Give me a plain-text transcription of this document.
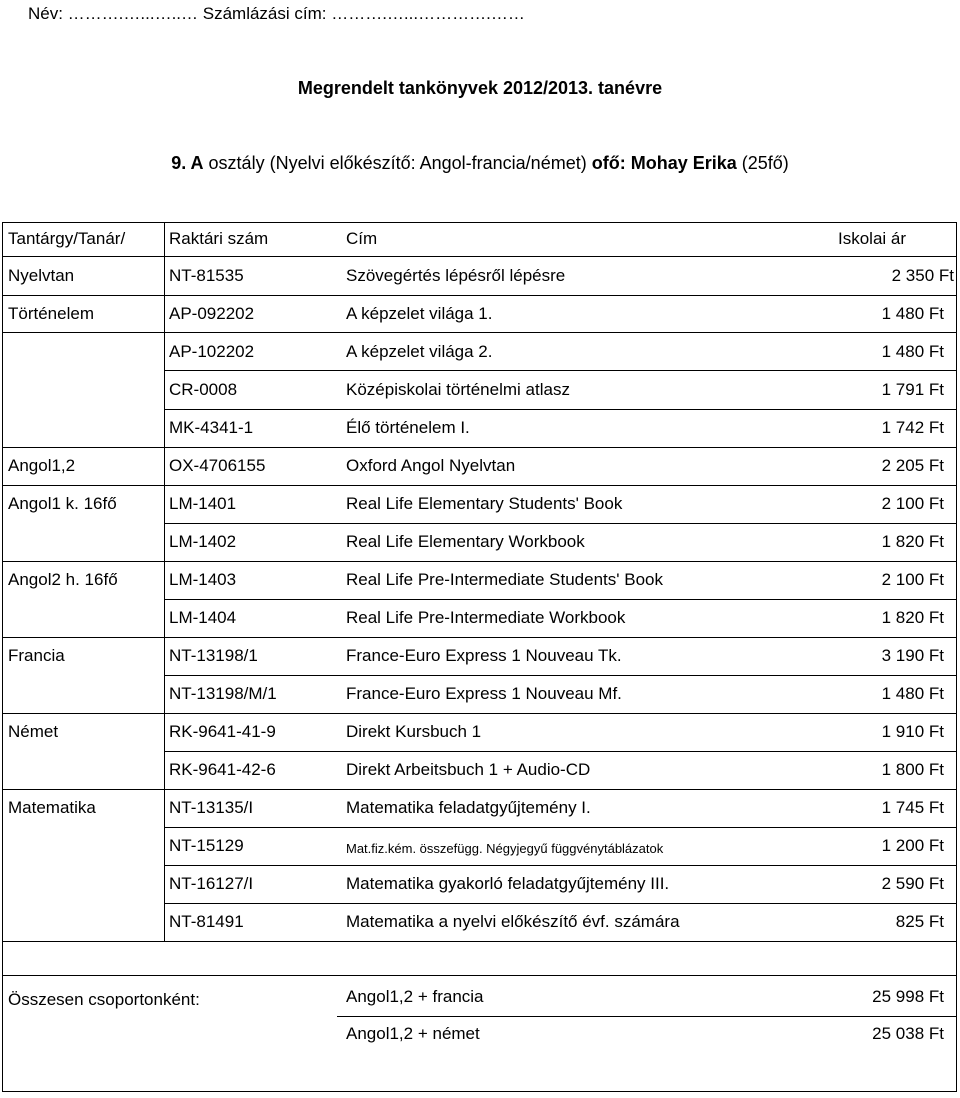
Név: ……….…...…..… Számlázási cím: ……….…...………….……
Megrendelt tankönyvek 2012/2013. tanévre
9. A osztály (Nyelvi előkészítő: Angol-francia/német) ofő: Mohay Erika (25fő)
Tantárgy/Tanár/	Raktári szám	Cím	Iskolai ár
Nyelvtan	NT-81535	Szövegértés lépésről lépésre	2 350 Ft
Történelem	AP-092202	A képzelet világa 1.	1 480 Ft
AP-102202	A képzelet világa 2.	1 480 Ft
CR-0008	Középiskolai történelmi atlasz	1 791 Ft
MK-4341-1	Élő történelem I.	1 742 Ft
Angol1,2	OX-4706155	Oxford Angol Nyelvtan	2 205 Ft
Angol1 k. 16fő	LM-1401	Real Life Elementary Students' Book	2 100 Ft
LM-1402	Real Life Elementary Workbook	1 820 Ft
Angol2 h. 16fő	LM-1403	Real Life Pre-Intermediate Students' Book	2 100 Ft
LM-1404	Real Life Pre-Intermediate Workbook	1 820 Ft
Francia	NT-13198/1	France-Euro Express 1 Nouveau Tk.	3 190 Ft
NT-13198/M/1	France-Euro Express 1 Nouveau Mf.	1 480 Ft
Német	RK-9641-41-9	Direkt Kursbuch 1	1 910 Ft
RK-9641-42-6	Direkt Arbeitsbuch 1 + Audio-CD	1 800 Ft
Matematika	NT-13135/I	Matematika feladatgyűjtemény I.	1 745 Ft
NT-15129	Mat.fiz.kém. összefügg. Négyjegyű függvénytáblázatok	1 200 Ft
NT-16127/I	Matematika gyakorló feladatgyűjtemény III.	2 590 Ft
NT-81491	Matematika a nyelvi előkészítő évf. számára	825 Ft
Összesen csoportonként:	Angol1,2 + francia	25 998 Ft
Angol1,2 + német	25 038 Ft
